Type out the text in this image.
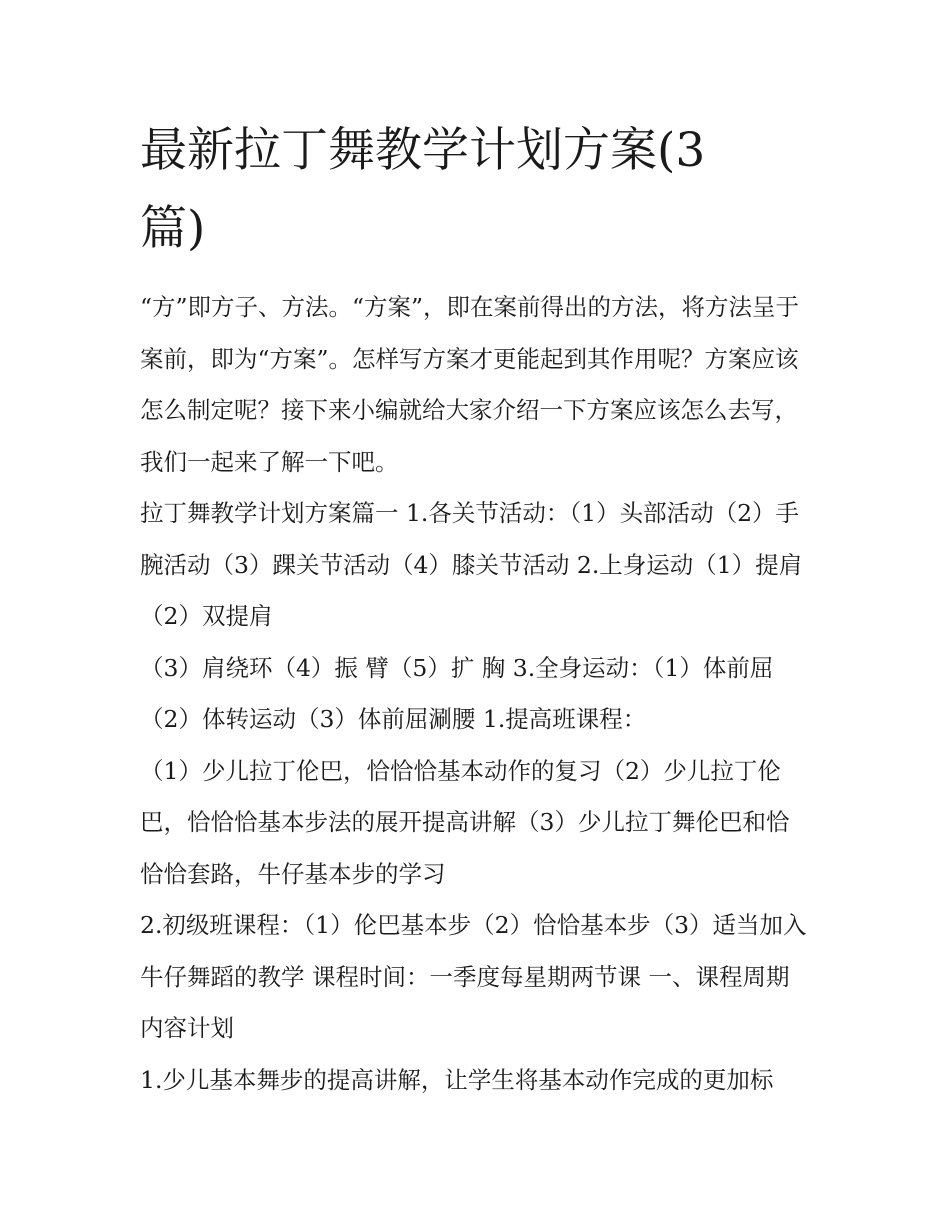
最新拉丁舞教学计划方案(3篇)

“方”即方子、方法。“方案”，即在案前得出的方法，将方法呈于案前，即为“方案”。怎样写方案才更能起到其作用呢？方案应该怎么制定呢？接下来小编就给大家介绍一下方案应该怎么去写，我们一起来了解一下吧。

拉丁舞教学计划方案篇一 1.各关节活动：（1）头部活动（2）手腕活动（3）踝关节活动（4）膝关节活动 2.上身运动（1）提肩（2）双提肩

（3）肩绕环（4）振 臂（5）扩 胸 3.全身运动：（1）体前屈（2）体转运动（3）体前屈涮腰 1.提高班课程：

（1）少儿拉丁伦巴，恰恰恰基本动作的复习（2）少儿拉丁伦巴，恰恰恰基本步法的展开提高讲解（3）少儿拉丁舞伦巴和恰恰恰套路，牛仔基本步的学习

2.初级班课程：（1）伦巴基本步（2）恰恰基本步（3）适当加入牛仔舞蹈的教学 课程时间：一季度每星期两节课 一、课程周期内容计划

1.少儿基本舞步的提高讲解，让学生将基本动作完成的更加标
